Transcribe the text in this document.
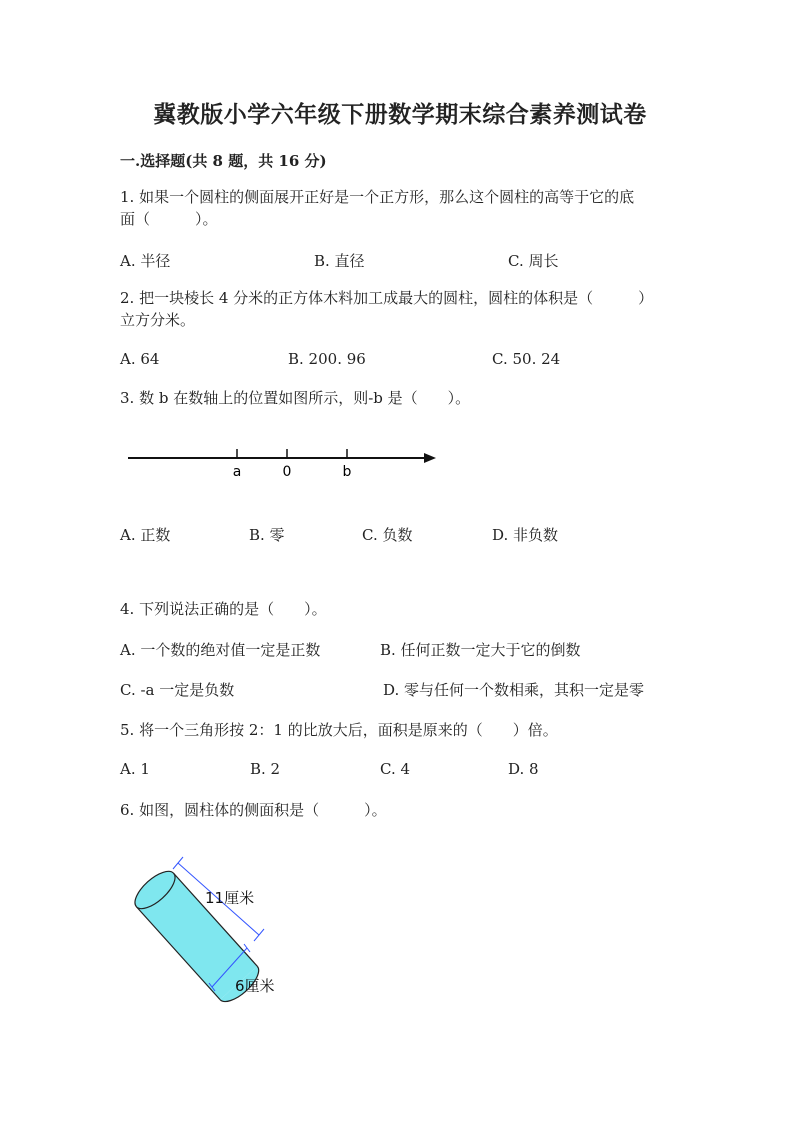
冀教版小学六年级下册数学期末综合素养测试卷
一.选择题(共 8 题，共 16 分)
1. 如果一个圆柱的侧面展开正好是一个正方形，那么这个圆柱的高等于它的底
面（　　　）。
A. 半径	B. 直径	C. 周长
2. 把一块棱长 4 分米的正方体木料加工成最大的圆柱，圆柱的体积是（　　　）
立方分米。
A. 64	B. 200. 96	C. 50. 24
3. 数 b 在数轴上的位置如图所示，则-b 是（　　）。
a	0	b
A. 正数	B. 零	C. 负数	D. 非负数
4. 下列说法正确的是（　　）。
A. 一个数的绝对值一定是正数	B. 任何正数一定大于它的倒数
C. -a 一定是负数	D. 零与任何一个数相乘，其积一定是零
5. 将一个三角形按 2：1 的比放大后，面积是原来的（　　）倍。
A. 1	B. 2	C. 4	D. 8
6. 如图，圆柱体的侧面积是（　　　）。
11厘米
6厘米
